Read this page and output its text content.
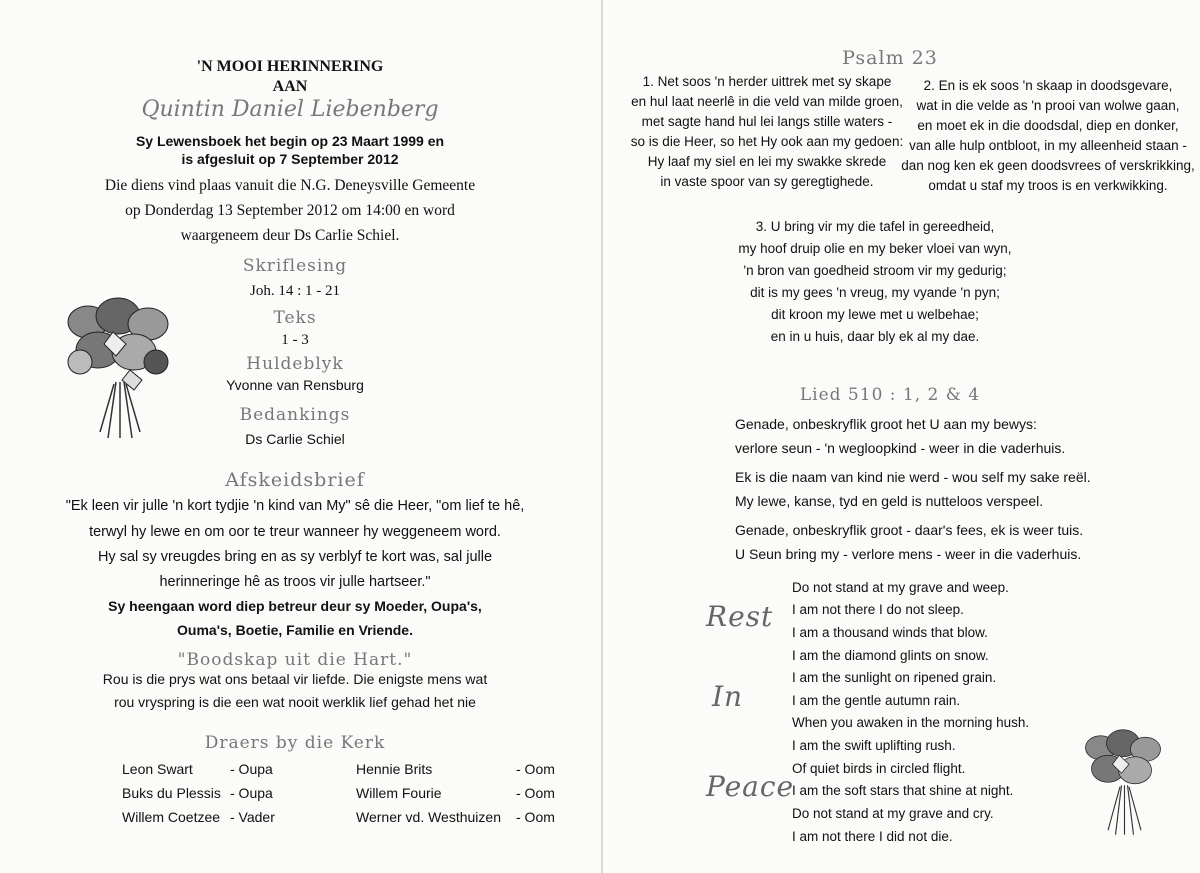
'N MOOI HERINNERING
AAN
Quintin Daniel Liebenberg
Sy Lewensboek het begin op 23 Maart 1999 en
is afgesluit op 7 September 2012
Die diens vind plaas vanuit die N.G. Deneysville Gemeente
op Donderdag 13 September 2012 om 14:00 en word
waargeneem deur Ds Carlie Schiel.
Skriflesing
Joh. 14 : 1 - 21
Teks
1 - 3
Huldeblyk
Yvonne van Rensburg
Bedankings
Ds Carlie Schiel
Afskeidsbrief
"Ek leen vir julle 'n kort tydjie 'n kind van My" sê die Heer, "om lief te hê,
terwyl hy lewe en om oor te treur wanneer hy weggeneem word.
Hy sal sy vreugdes bring en as sy verblyf te kort was, sal julle
herinneringe hê as troos vir julle hartseer."
Sy heengaan word diep betreur deur sy Moeder, Oupa's,
Ouma's, Boetie, Familie en Vriende.
"Boodskap uit die Hart."
Rou is die prys wat ons betaal vir liefde. Die enigste mens wat
rou vryspring is die een wat nooit werklik lief gehad het nie
Draers by die Kerk
Leon Swart	- Oupa	Hennie Brits	- Oom
Buks du Plessis	- Oupa	Willem Fourie	- Oom
Willem Coetzee	- Vader	Werner vd. Westhuizen	- Oom
Psalm 23
1. Net soos 'n herder uittrek met sy skape
en hul laat neerlê in die veld van milde groen,
met sagte hand hul lei langs stille waters -
so is die Heer, so het Hy ook aan my gedoen:
Hy laaf my siel en lei my swakke skrede
in vaste spoor van sy geregtighede.
2. En is ek soos 'n skaap in doodsgevare,
wat in die velde as 'n prooi van wolwe gaan,
en moet ek in die doodsdal, diep en donker,
van alle hulp ontbloot, in my alleenheid staan -
dan nog ken ek geen doodsvrees of verskrikking,
omdat u staf my troos is en verkwikking.
3. U bring vir my die tafel in gereedheid,
my hoof druip olie en my beker vloei van wyn,
'n bron van goedheid stroom vir my gedurig;
dit is my gees 'n vreug, my vyande 'n pyn;
dit kroon my lewe met u welbehae;
en in u huis, daar bly ek al my dae.
Lied 510 : 1, 2 & 4
Genade, onbeskryflik groot het U aan my bewys:
verlore seun - 'n wegloopkind - weer in die vaderhuis.
Ek is die naam van kind nie werd - wou self my sake reël.
My lewe, kanse, tyd en geld is nutteloos verspeel.
Genade, onbeskryflik groot - daar's fees, ek is weer tuis.
U Seun bring my - verlore mens - weer in die vaderhuis.
Rest
In
Peace
Do not stand at my grave and weep.
I am not there I do not sleep.
I am a thousand winds that blow.
I am the diamond glints on snow.
I am the sunlight on ripened grain.
I am the gentle autumn rain.
When you awaken in the morning hush.
I am the swift uplifting rush.
Of quiet birds in circled flight.
I am the soft stars that shine at night.
Do not stand at my grave and cry.
I am not there I did not die.
